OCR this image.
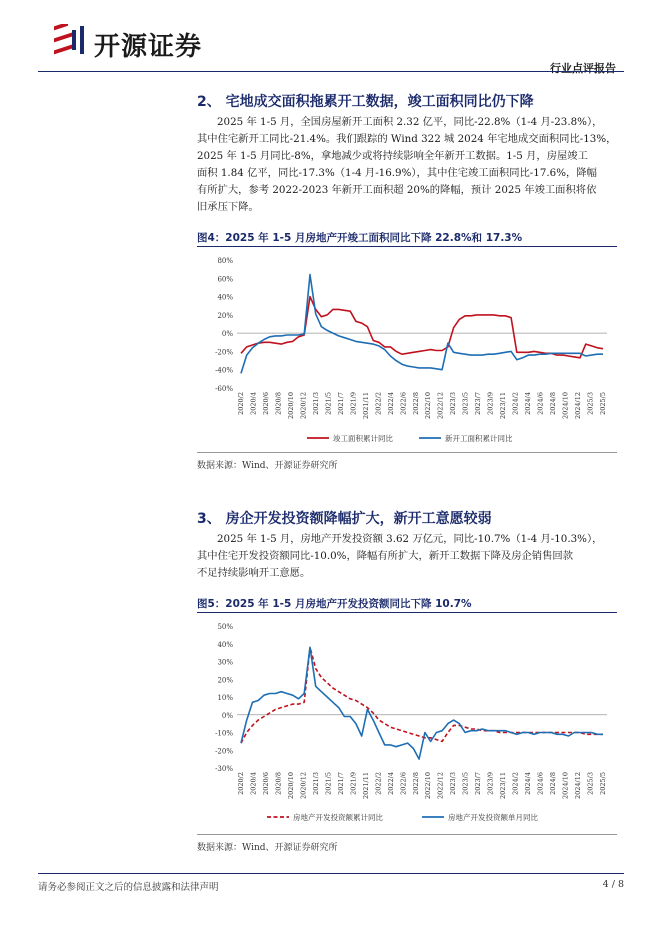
开源证券
行业点评报告
2、 宅地成交面积拖累开工数据，竣工面积同比仍下降

2025 年 1-5 月，全国房屋新开工面积 2.32 亿平，同比-22.8%（1-4 月-23.8%），

其中住宅新开工同比-21.4%。我们跟踪的 Wind 322 城 2024 年宅地成交面积同比-13%，

2025 年 1-5 月同比-8%，拿地减少或将持续影响全年新开工数据。1-5 月，房屋竣工

面积 1.84 亿平，同比-17.3%（1-4 月-16.9%），其中住宅竣工面积同比-17.6%，降幅

有所扩大，参考 2022-2023 年新开工面积超 20%的降幅，预计 2025 年竣工面积将依

旧承压下降。

图4：2025 年 1-5 月房地产开竣工面积同比下降 22.8%和 17.3%
80%
60%
40%
20%
0%
-20%
-40%
-60%
2020/2 2020/4 2020/6 2020/8 2020/10 2020/12 2021/3 2021/5 2021/7 2021/9 2021/11 2022/2 2022/4 2022/6 2022/8 2022/10 2022/12 2023/3 2023/5 2023/7 2023/9 2023/11 2024/2 2024/4 2024/6 2024/8 2024/10 2024/12 2025/3 2025/5
竣工面积累计同比	新开工面积累计同比
数据来源：Wind、开源证券研究所
3、 房企开发投资额降幅扩大，新开工意愿较弱

2025 年 1-5 月，房地产开发投资额 3.62 万亿元，同比-10.7%（1-4 月-10.3%），

其中住宅开发投资额同比-10.0%，降幅有所扩大，新开工数据下降及房企销售回款

不足持续影响开工意愿。

图5：2025 年 1-5 月房地产开发投资额同比下降 10.7%
50%
40%
30%
20%
10%
0%
-10%
-20%
-30%
2020/2 2020/4 2020/6 2020/8 2020/10 2020/12 2021/3 2021/5 2021/7 2021/9 2021/11 2022/2 2022/4 2022/6 2022/8 2022/10 2022/12 2023/3 2023/5 2023/7 2023/9 2023/11 2024/2 2024/4 2024/6 2024/8 2024/10 2024/12 2025/3 2025/5
房地产开发投资额累计同比	房地产开发投资额单月同比
数据来源：Wind、开源证券研究所
请务必参阅正文之后的信息披露和法律声明	4 / 8
